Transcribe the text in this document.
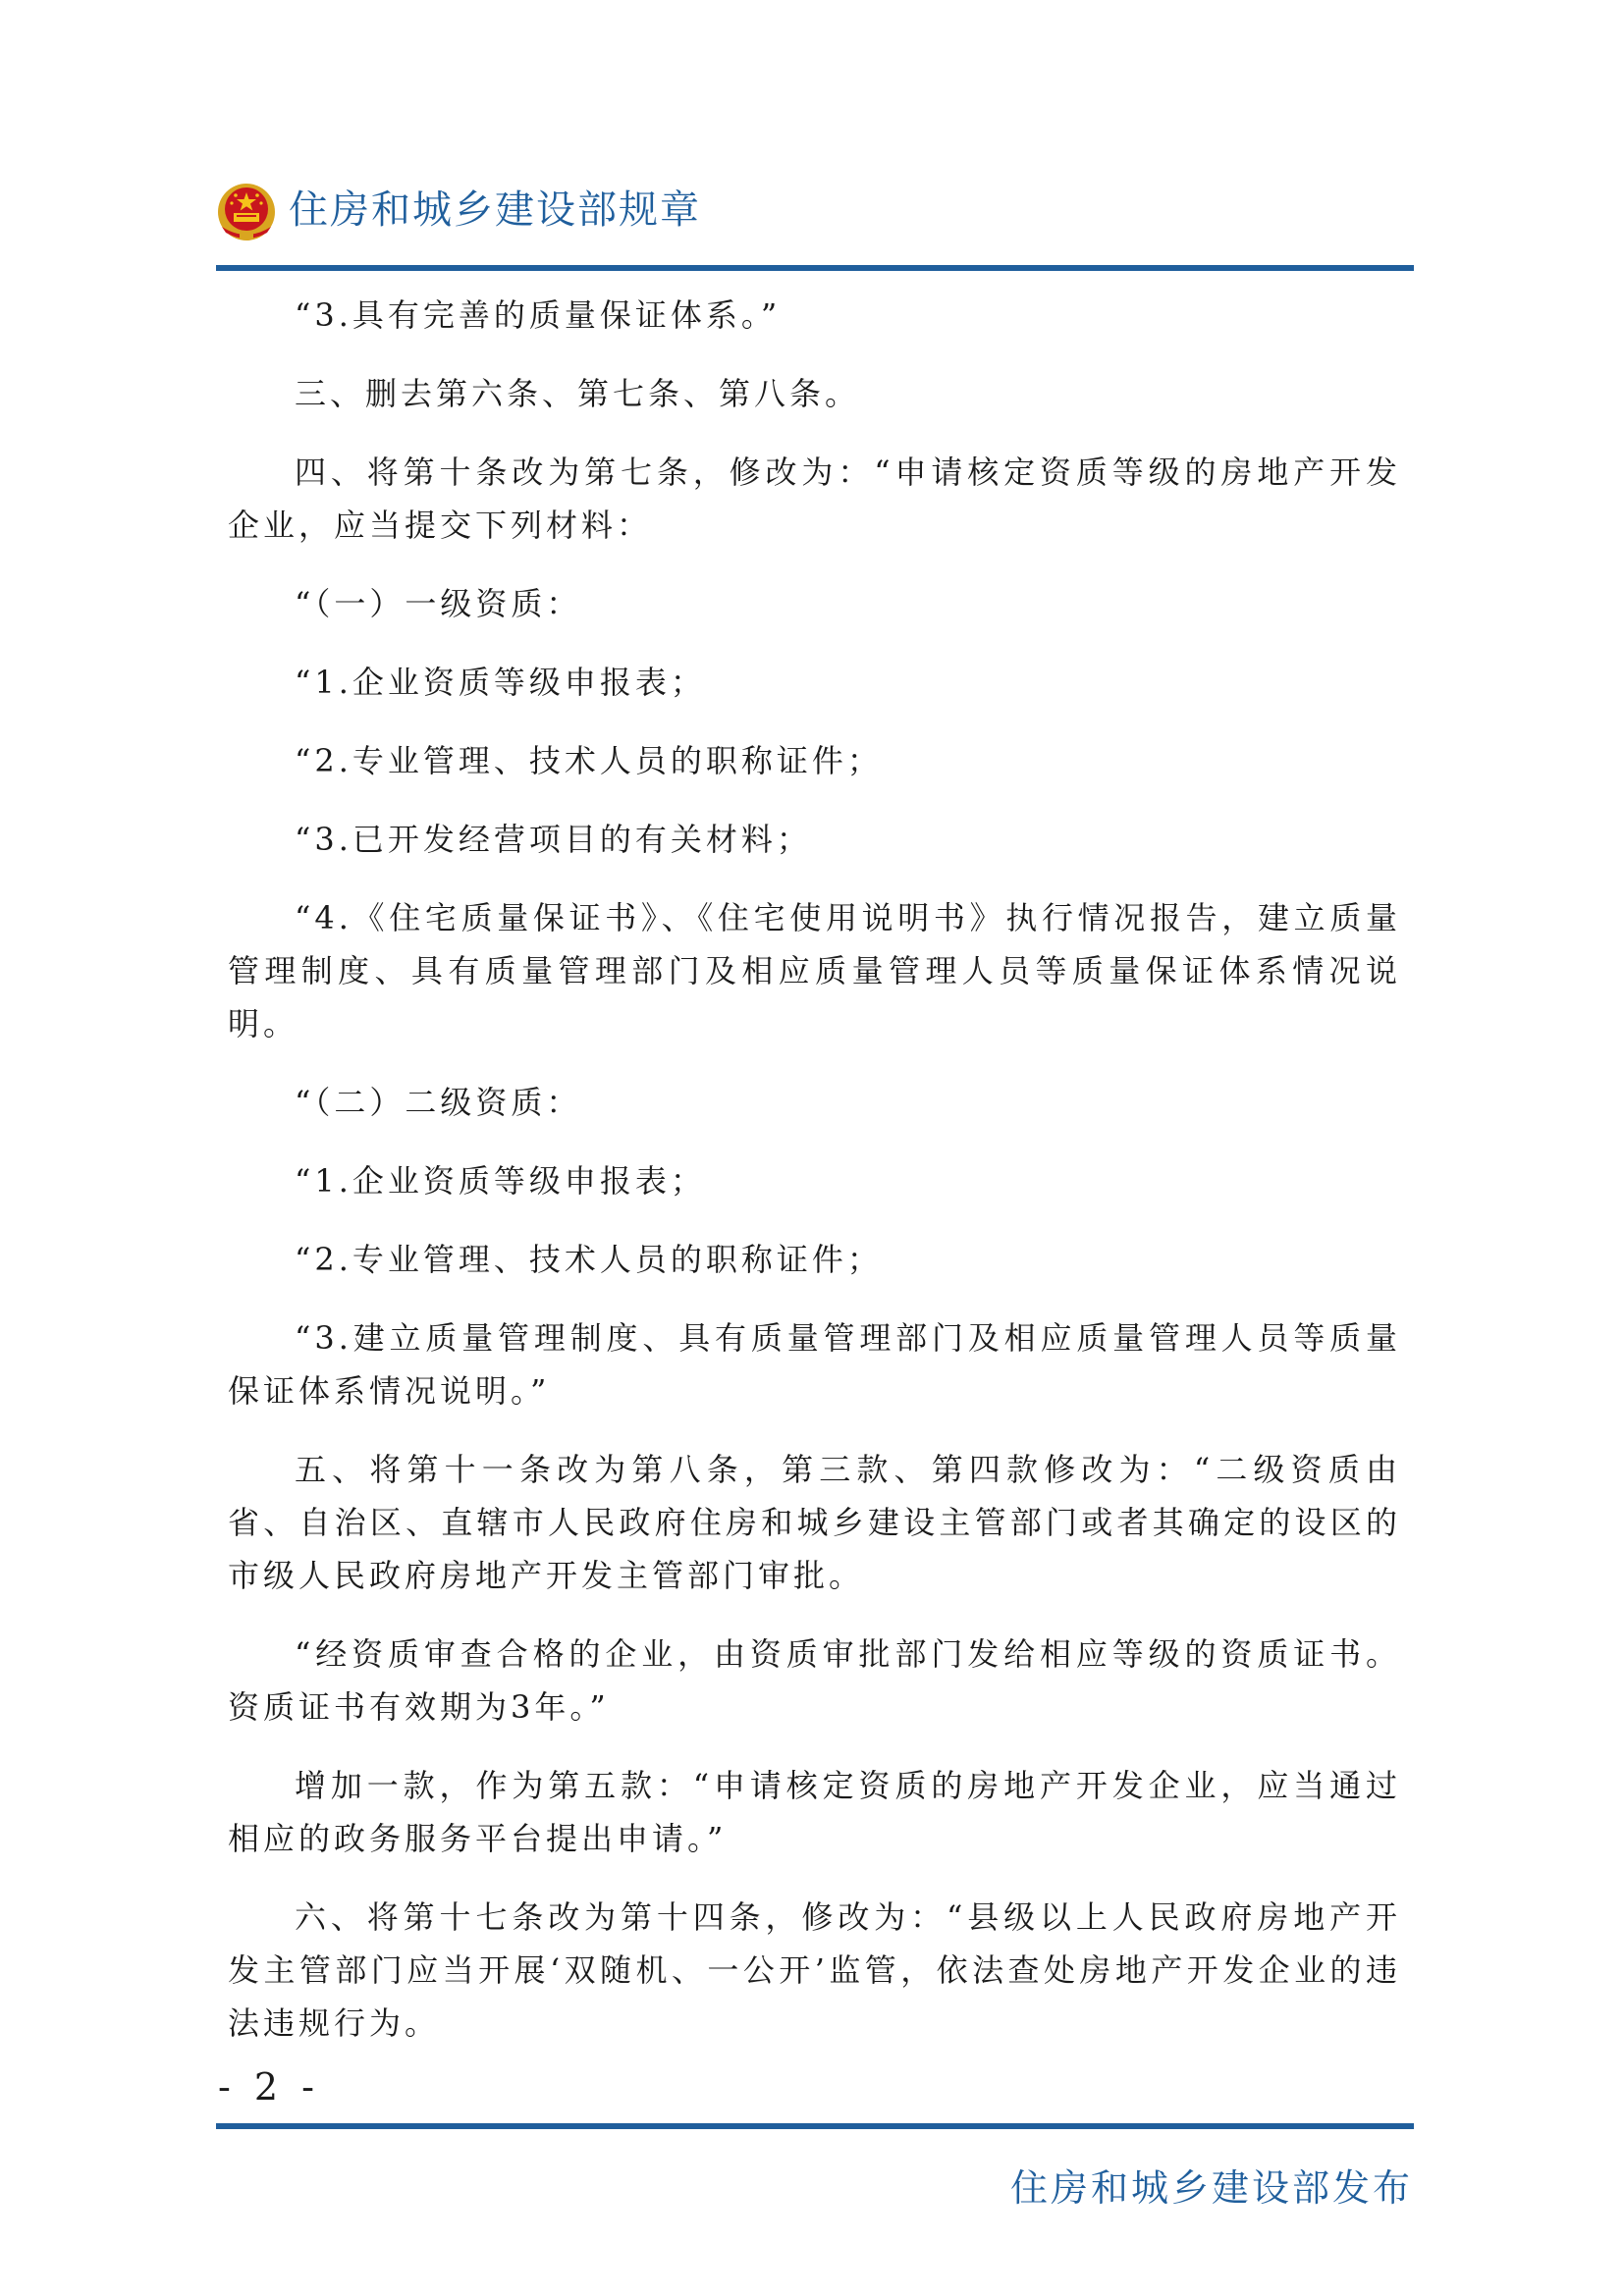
住房和城乡建设部规章

“3.具有完善的质量保证体系。”

三、删去第六条、第七条、第八条。

四、将第十条改为第七条，修改为：“申请核定资质等级的房地产开发企业，应当提交下列材料：

“（一）一级资质：

“1.企业资质等级申报表；

“2.专业管理、技术人员的职称证件；

“3.已开发经营项目的有关材料；

“4.《住宅质量保证书》、《住宅使用说明书》执行情况报告，建立质量管理制度、具有质量管理部门及相应质量管理人员等质量保证体系情况说明。

“（二）二级资质：

“1.企业资质等级申报表；

“2.专业管理、技术人员的职称证件；

“3.建立质量管理制度、具有质量管理部门及相应质量管理人员等质量保证体系情况说明。”

五、将第十一条改为第八条，第三款、第四款修改为：“二级资质由省、自治区、直辖市人民政府住房和城乡建设主管部门或者其确定的设区的市级人民政府房地产开发主管部门审批。

“经资质审查合格的企业，由资质审批部门发给相应等级的资质证书。资质证书有效期为3年。”

增加一款，作为第五款：“申请核定资质的房地产开发企业，应当通过相应的政务服务平台提出申请。”

六、将第十七条改为第十四条，修改为：“县级以上人民政府房地产开发主管部门应当开展‘双随机、一公开’监管，依法查处房地产开发企业的违法违规行为。

- 2 -
住房和城乡建设部发布
